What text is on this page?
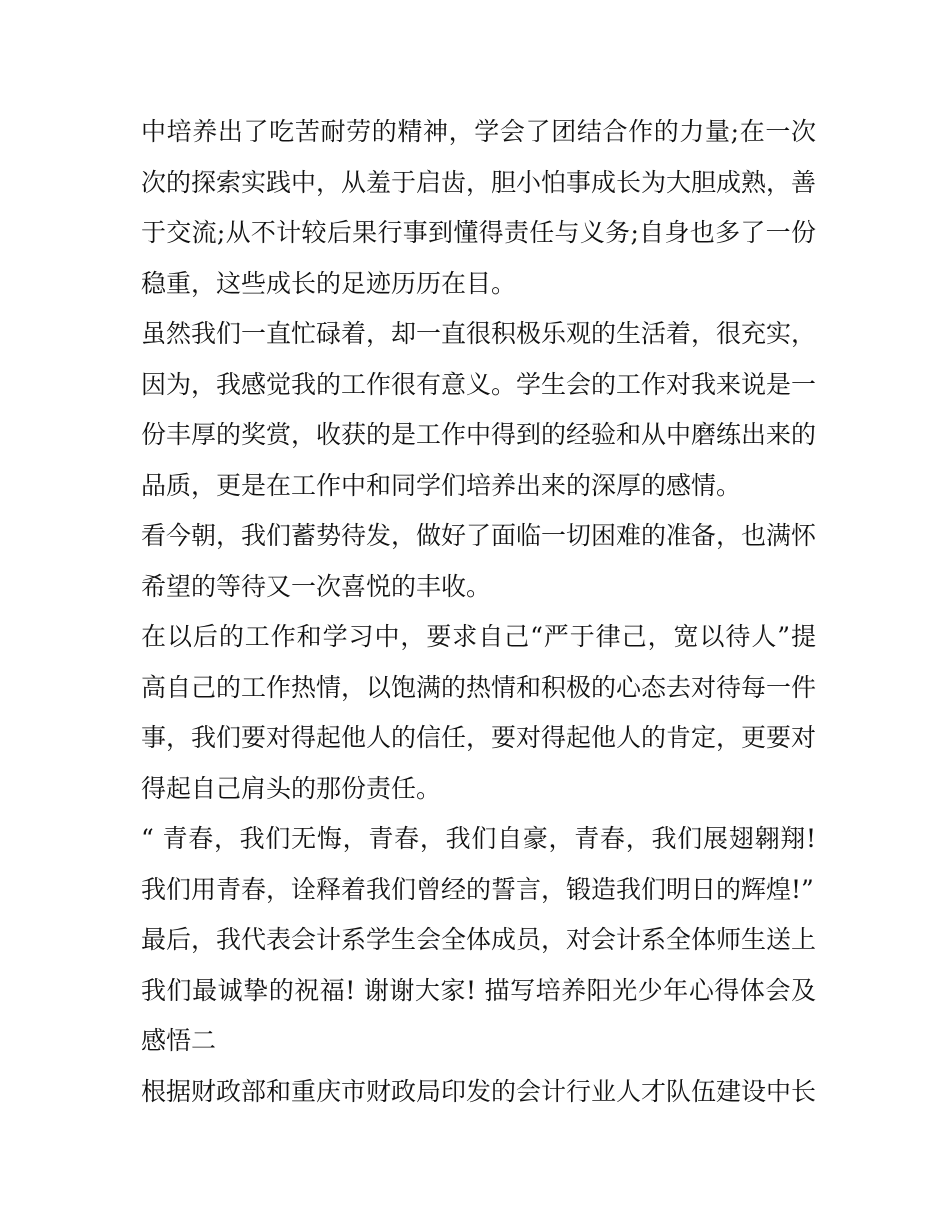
中培养出了吃苦耐劳的精神，学会了团结合作的力量;在一次次的探索实践中，从羞于启齿，胆小怕事成长为大胆成熟，善于交流;从不计较后果行事到懂得责任与义务;自身也多了一份稳重，这些成长的足迹历历在目。

虽然我们一直忙碌着，却一直很积极乐观的生活着，很充实，因为，我感觉我的工作很有意义。学生会的工作对我来说是一份丰厚的奖赏，收获的是工作中得到的经验和从中磨练出来的品质，更是在工作中和同学们培养出来的深厚的感情。

看今朝，我们蓄势待发，做好了面临一切困难的准备，也满怀希望的等待又一次喜悦的丰收。

在以后的工作和学习中，要求自己“严于律己，宽以待人”提高自己的工作热情，以饱满的热情和积极的心态去对待每一件事，我们要对得起他人的信任，要对得起他人的肯定，更要对得起自己肩头的那份责任。

“ 青春，我们无悔，青春，我们自豪，青春，我们展翅翱翔!我们用青春，诠释着我们曾经的誓言，锻造我们明日的辉煌!”

最后，我代表会计系学生会全体成员，对会计系全体师生送上我们最诚挚的祝福! 谢谢大家! 描写培养阳光少年心得体会及感悟二

根据财政部和重庆市财政局印发的会计行业人才队伍建设中长
